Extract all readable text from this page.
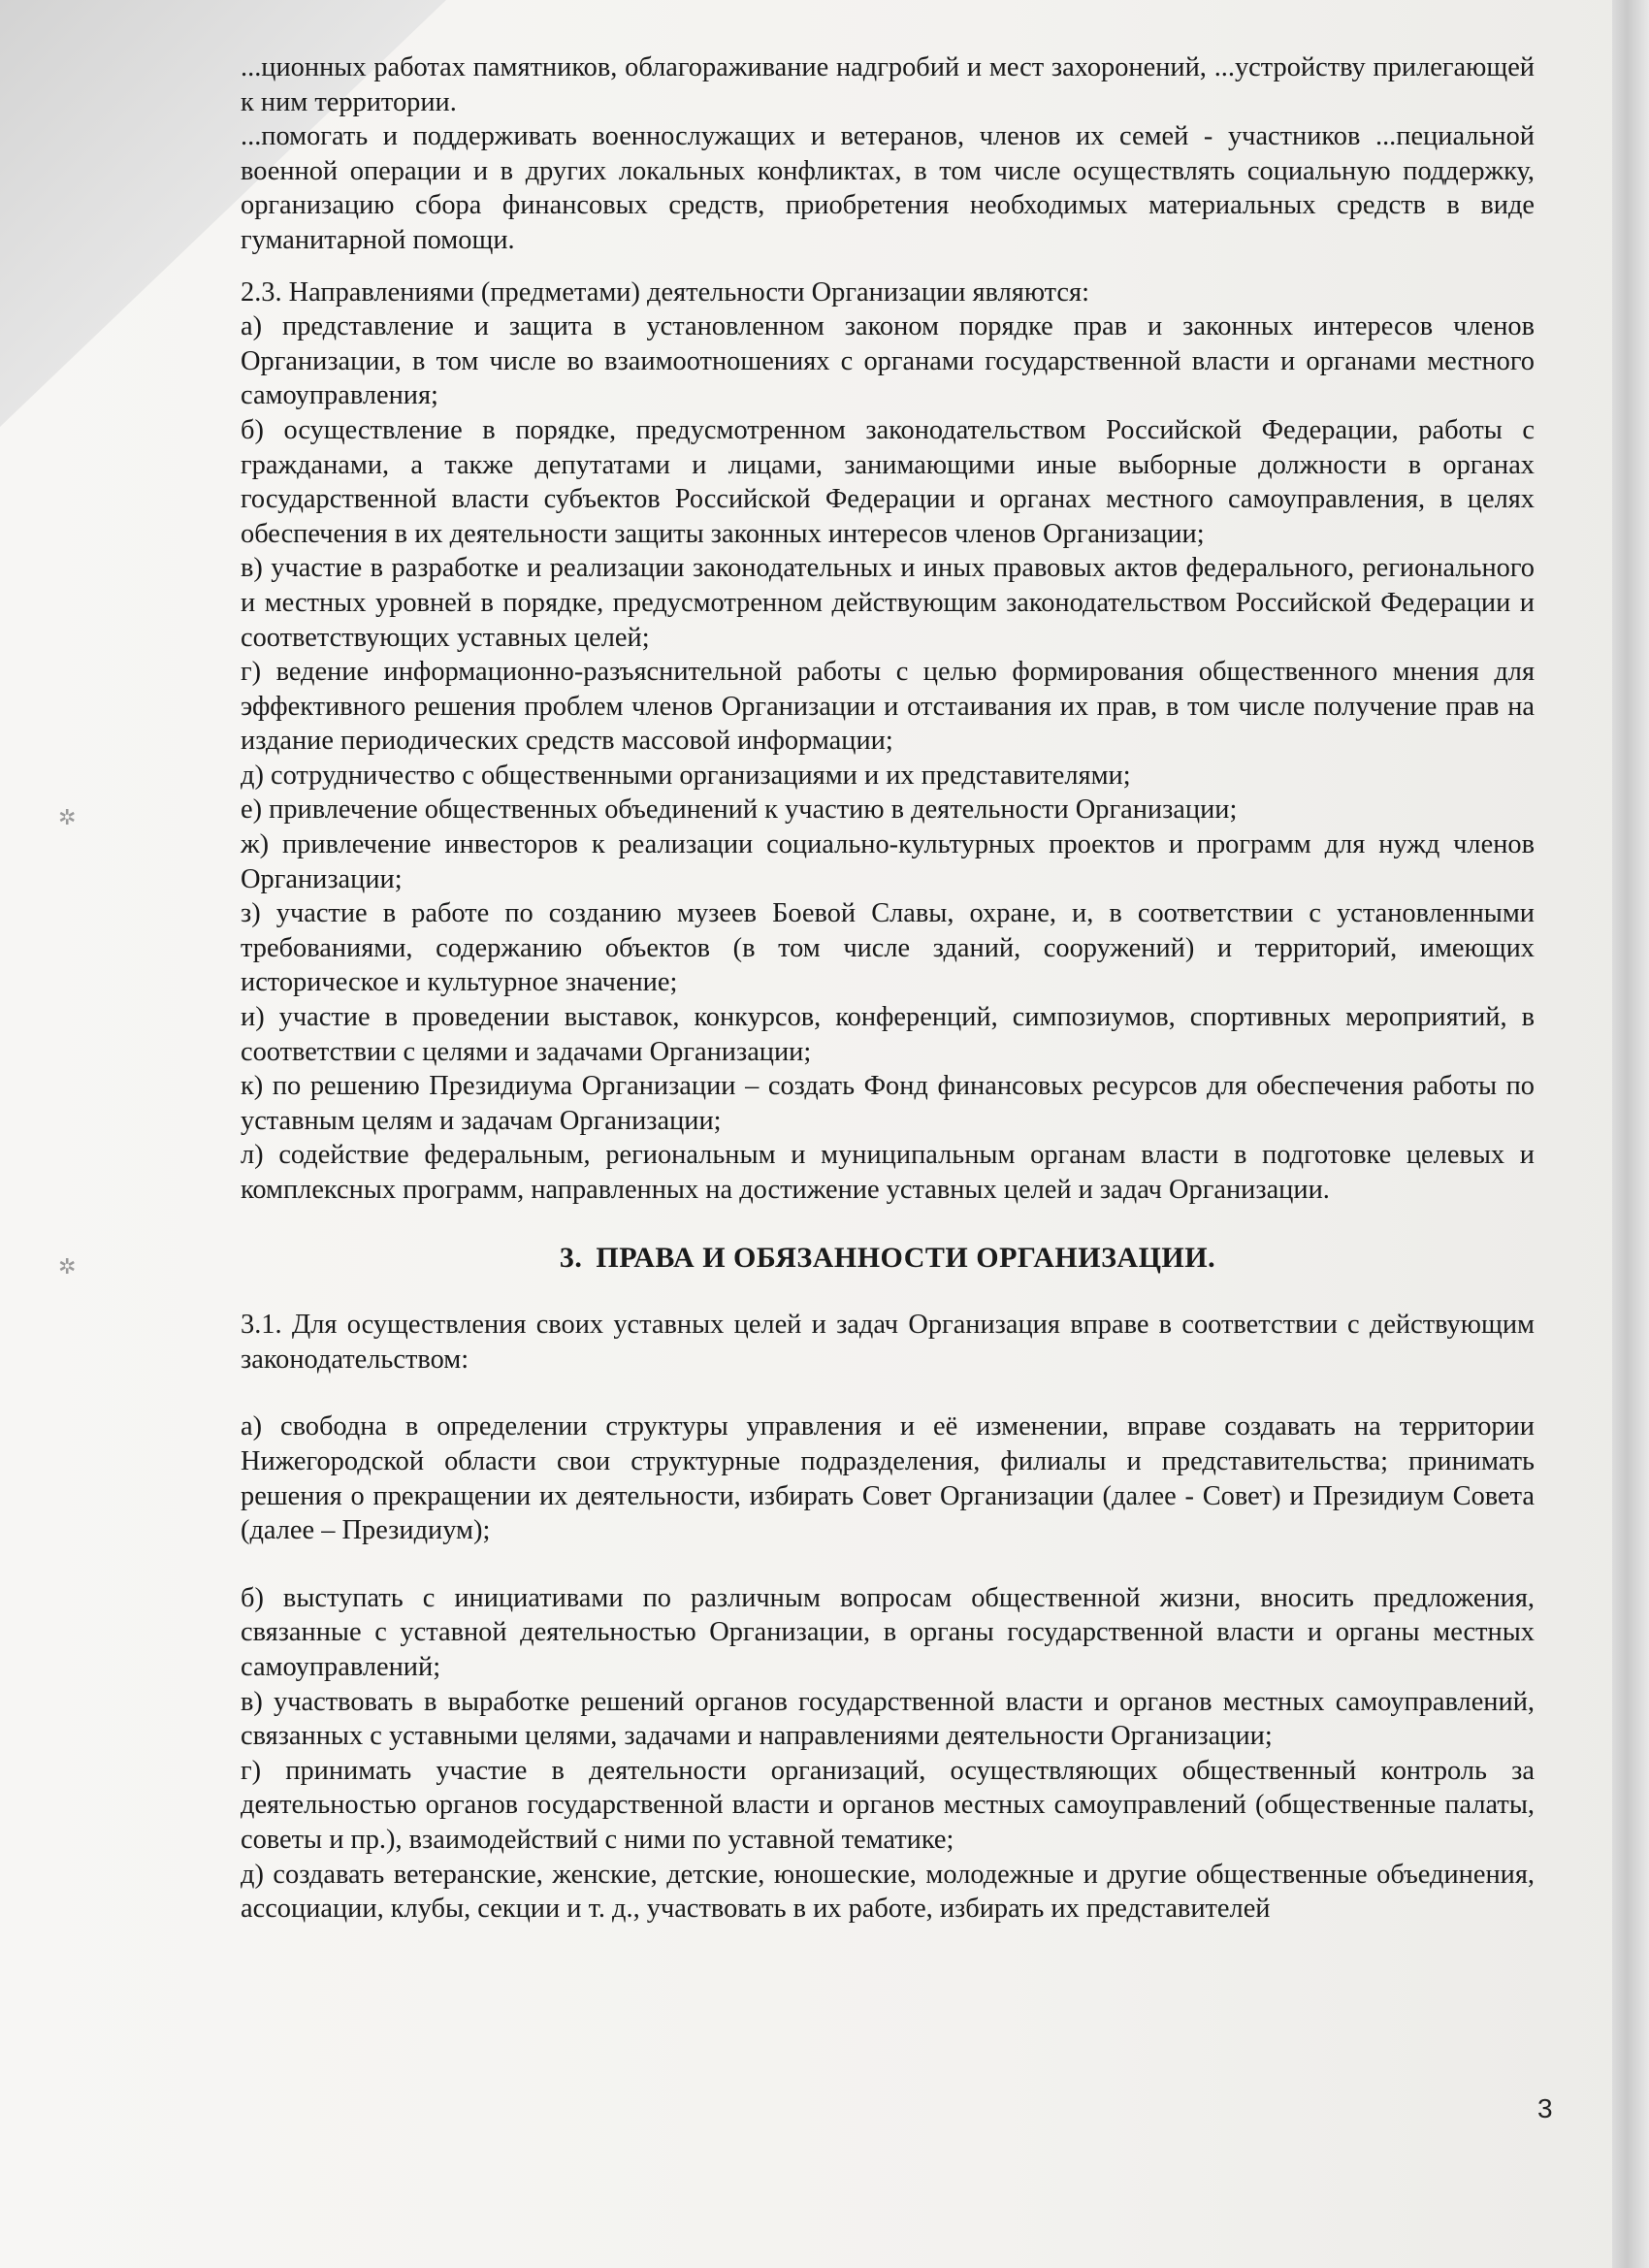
✲
✲

...ционных работах памятников, облагораживание надгробий и мест захоронений, ...устройству прилегающей к ним территории.

...помогать и поддерживать военнослужащих и ветеранов, членов их семей - участников ...пециальной военной операции и в других локальных конфликтах, в том числе осуществлять социальную поддержку, организацию сбора финансовых средств, приобретения необходимых материальных средств в виде гуманитарной помощи.

2.3. Направлениями (предметами) деятельности Организации являются:

а) представление и защита в установленном законом порядке прав и законных интересов членов Организации, в том числе во взаимоотношениях с органами государственной власти и органами местного самоуправления;

б) осуществление в порядке, предусмотренном законодательством Российской Федерации, работы с гражданами, а также депутатами и лицами, занимающими иные выборные должности в органах государственной власти субъектов Российской Федерации и органах местного самоуправления, в целях обеспечения в их деятельности защиты законных интересов членов Организации;

в) участие в разработке и реализации законодательных и иных правовых актов федерального, регионального и местных уровней в порядке, предусмотренном действующим законодательством Российской Федерации и соответствующих уставных целей;

г) ведение информационно-разъяснительной работы с целью формирования общественного мнения для эффективного решения проблем членов Организации и отстаивания их прав, в том числе получение прав на издание периодических средств массовой информации;

д) сотрудничество с общественными организациями и их представителями;

е) привлечение общественных объединений к участию в деятельности Организации;

ж) привлечение инвесторов к реализации социально-культурных проектов и программ для нужд членов Организации;

з) участие в работе по созданию музеев Боевой Славы, охране, и, в соответствии с установленными требованиями, содержанию объектов (в том числе зданий, сооружений) и территорий, имеющих историческое и культурное значение;

и) участие в проведении выставок, конкурсов, конференций, симпозиумов, спортивных мероприятий, в соответствии с целями и задачами Организации;

к) по решению Президиума Организации – создать Фонд финансовых ресурсов для обеспечения работы по уставным целям и задачам Организации;

л) содействие федеральным, региональным и муниципальным органам власти в подготовке целевых и комплексных программ, направленных на достижение уставных целей и задач Организации.

3. ПРАВА И ОБЯЗАННОСТИ ОРГАНИЗАЦИИ.

3.1. Для осуществления своих уставных целей и задач Организация вправе в соответствии с действующим законодательством:

а) свободна в определении структуры управления и её изменении, вправе создавать на территории Нижегородской области свои структурные подразделения, филиалы и представительства; принимать решения о прекращении их деятельности, избирать Совет Организации (далее - Совет) и Президиум Совета (далее – Президиум);

б) выступать с инициативами по различным вопросам общественной жизни, вносить предложения, связанные с уставной деятельностью Организации, в органы государственной власти и органы местных самоуправлений;

в) участвовать в выработке решений органов государственной власти и органов местных самоуправлений, связанных с уставными целями, задачами и направлениями деятельности Организации;

г) принимать участие в деятельности организаций, осуществляющих общественный контроль за деятельностью органов государственной власти и органов местных самоуправлений (общественные палаты, советы и пр.), взаимодействий с ними по уставной тематике;

д) создавать ветеранские, женские, детские, юношеские, молодежные и другие общественные объединения, ассоциации, клубы, секции и т. д., участвовать в их работе, избирать их представителей

3
